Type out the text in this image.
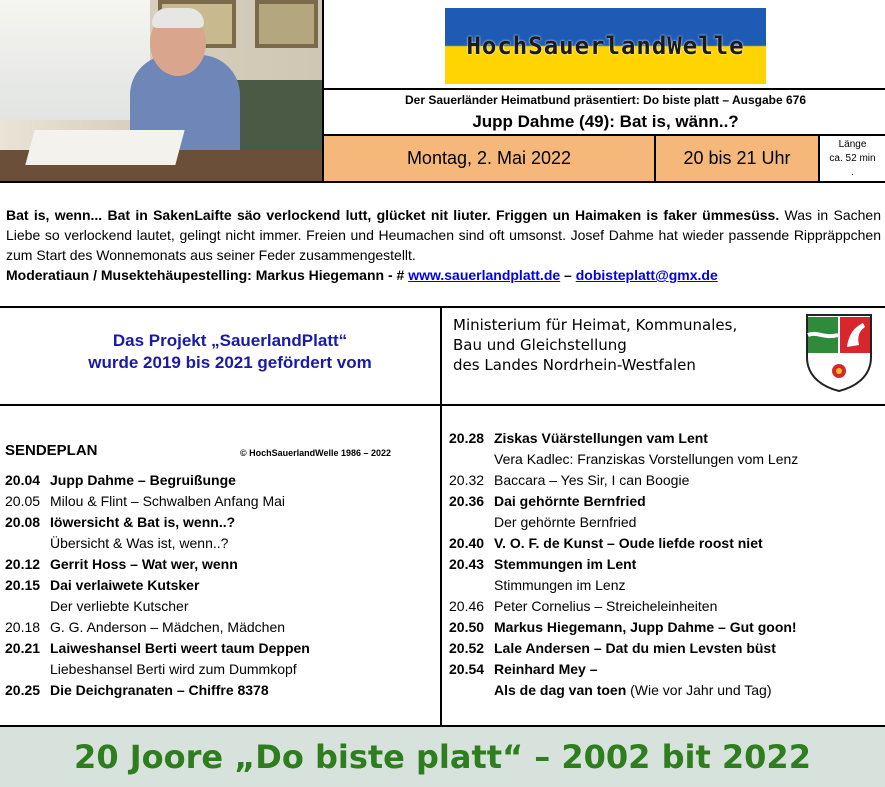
HochSauerlandWelle
Der Sauerländer Heimatbund präsentiert: Do biste platt – Ausgabe 676
Jupp Dahme (49): Bat is, wänn..?
Montag, 2. Mai 2022	20 bis 21 Uhr
Länge
ca. 52 min
.
Bat is, wenn... Bat in SakenLaifte säo verlockend lutt, glücket nit liuter. Friggen un Haimaken is faker ümmesüss. Was in Sachen Liebe so verlockend lautet, gelingt nicht immer. Freien und Heumachen sind oft umsonst. Josef Dahme hat wieder passende Rippräppchen zum Start des Wonnemonats aus seiner Feder zusammengestellt.
Moderatiaun / Musektehäupestelling: Markus Hiegemann - # www.sauerlandplatt.de – dobisteplatt@gmx.de
Das Projekt „SauerlandPlatt“
wurde 2019 bis 2021 gefördert vom
Ministerium für Heimat, Kommunales,
Bau und Gleichstellung
des Landes Nordrhein-Westfalen
SENDEPLAN	© HochSauerlandWelle 1986 – 2022
20.04 Jupp Dahme – Begruißunge
20.05 Milou & Flint – Schwalben Anfang Mai
20.08 Iöwersicht & Bat is, wenn..?
Übersicht & Was ist, wenn..?
20.12 Gerrit Hoss – Wat wer, wenn
20.15 Dai verlaiwete Kutsker
Der verliebte Kutscher
20.18 G. G. Anderson – Mädchen, Mädchen
20.21 Laiweshansel Berti weert taum Deppen
Liebeshansel Berti wird zum Dummkopf
20.25 Die Deichgranaten – Chiffre 8378
20.28 Ziskas Vüärstellungen vam Lent
Vera Kadlec: Franziskas Vorstellungen vom Lenz
20.32 Baccara – Yes Sir, I can Boogie
20.36 Dai gehörnte Bernfried
Der gehörnte Bernfried
20.40 V. O. F. de Kunst – Oude liefde roost niet
20.43 Stemmungen im Lent
Stimmungen im Lenz
20.46 Peter Cornelius – Streicheleinheiten
20.50 Markus Hiegemann, Jupp Dahme – Gut goon!
20.52 Lale Andersen – Dat du mien Levsten büst
20.54 Reinhard Mey –
Als de dag van toen (Wie vor Jahr und Tag)
20 Joore „Do biste platt“ – 2002 bit 2022
